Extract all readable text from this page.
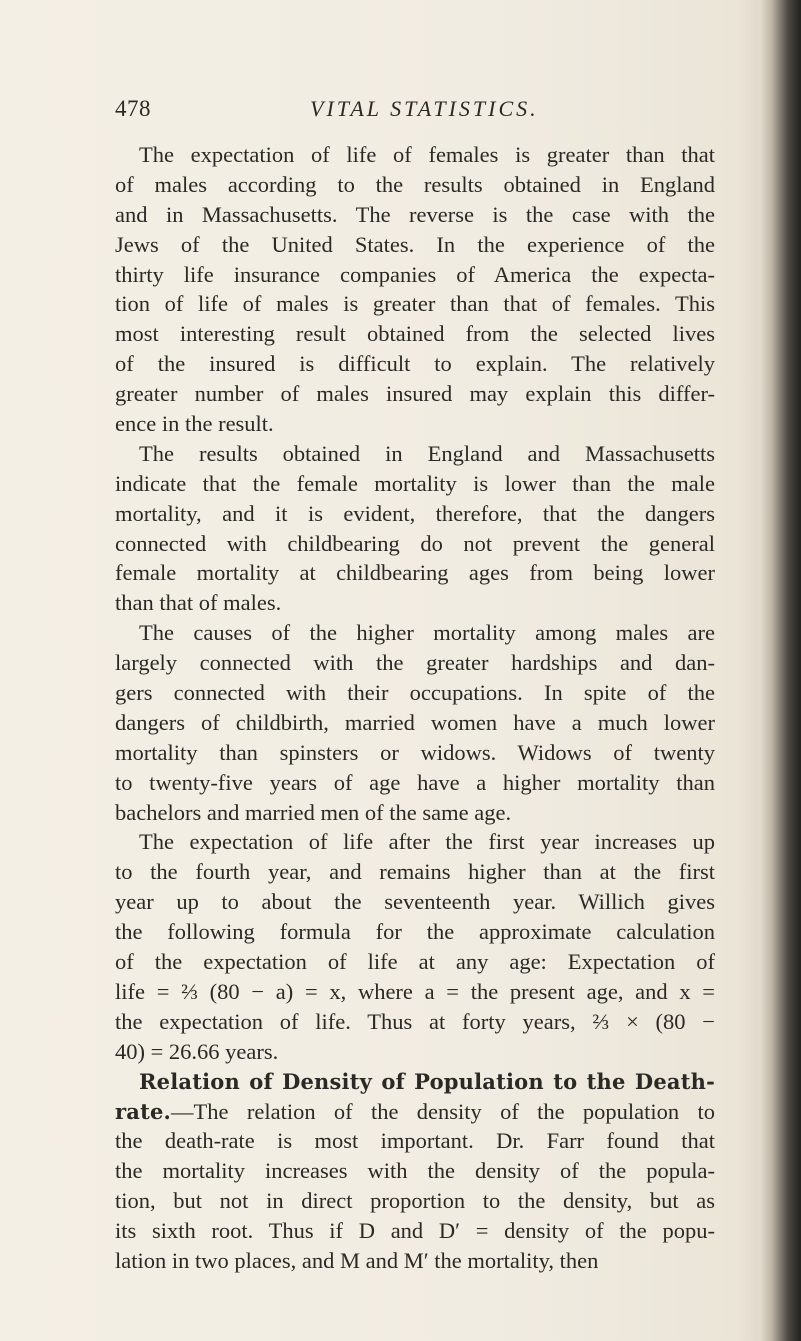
478	VITAL STATISTICS.
The expectation of life of females is greater than that
of males according to the results obtained in England
and in Massachusetts. The reverse is the case with the
Jews of the United States. In the experience of the
thirty life insurance companies of America the expecta-
tion of life of males is greater than that of females. This
most interesting result obtained from the selected lives
of the insured is difficult to explain. The relatively
greater number of males insured may explain this differ-
ence in the result.
The results obtained in England and Massachusetts
indicate that the female mortality is lower than the male
mortality, and it is evident, therefore, that the dangers
connected with childbearing do not prevent the general
female mortality at childbearing ages from being lower
than that of males.
The causes of the higher mortality among males are
largely connected with the greater hardships and dan-
gers connected with their occupations. In spite of the
dangers of childbirth, married women have a much lower
mortality than spinsters or widows. Widows of twenty
to twenty-five years of age have a higher mortality than
bachelors and married men of the same age.
The expectation of life after the first year increases up
to the fourth year, and remains higher than at the first
year up to about the seventeenth year. Willich gives
the following formula for the approximate calculation
of the expectation of life at any age: Expectation of
life = ⅔ (80 − a) = x, where a = the present age, and x =
the expectation of life. Thus at forty years, ⅔ × (80 −
40) = 26.66 years.
Relation of Density of Population to the Death-
rate.—The relation of the density of the population to
the death-rate is most important. Dr. Farr found that
the mortality increases with the density of the popula-
tion, but not in direct proportion to the density, but as
its sixth root. Thus if D and D′ = density of the popu-
lation in two places, and M and M′ the mortality, then
